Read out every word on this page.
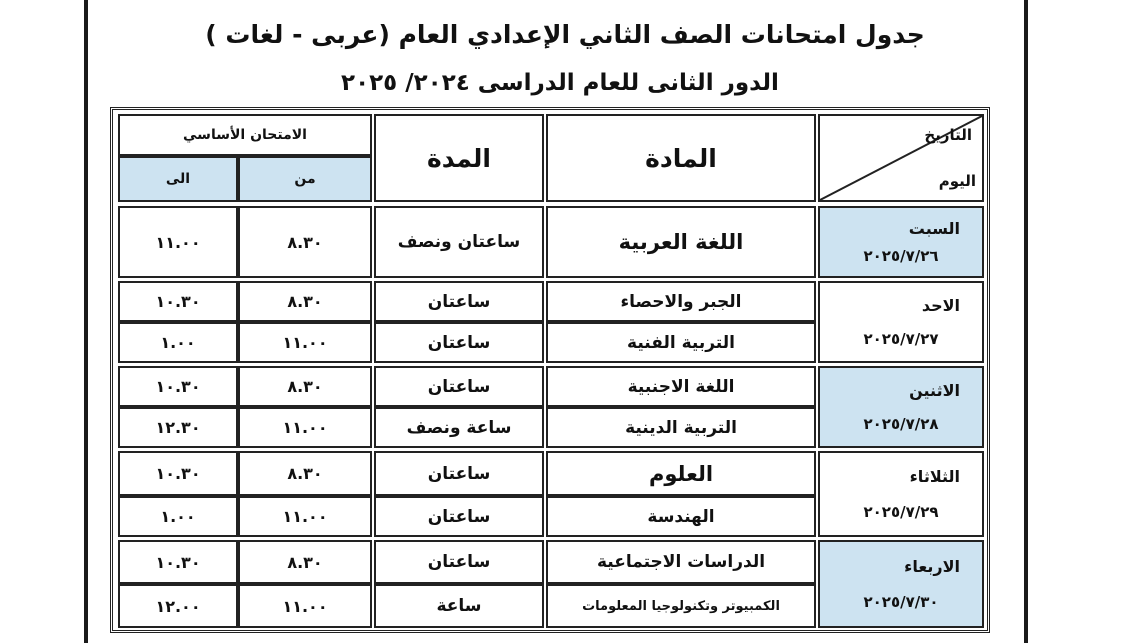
جدول امتحانات الصف الثاني الإعدادي العام (عربى - لغات )
الدور الثانى للعام الدراسى ٢٠٢٤/ ٢٠٢٥
التاريخ
اليوم
المادة
المدة
الامتحان الأساسي
من
الى
السبت
٢٠٢٥/٧/٢٦
الاحد
٢٠٢٥/٧/٢٧
الاثنين
٢٠٢٥/٧/٢٨
الثلاثاء
٢٠٢٥/٧/٢٩
الاربعاء
٢٠٢٥/٧/٣٠
اللغة العربية
ساعتان ونصف
٨.٣٠
١١.٠٠
الجبر والاحصاء
ساعتان
٨.٣٠
١٠.٣٠
التربية الفنية
ساعتان
١١.٠٠
١.٠٠
اللغة الاجنبية
ساعتان
٨.٣٠
١٠.٣٠
التربية الدينية
ساعة ونصف
١١.٠٠
١٢.٣٠
العلوم
ساعتان
٨.٣٠
١٠.٣٠
الهندسة
ساعتان
١١.٠٠
١.٠٠
الدراسات الاجتماعية
ساعتان
٨.٣٠
١٠.٣٠
الكمبيوتر وتكنولوجيا المعلومات
ساعة
١١.٠٠
١٢.٠٠
